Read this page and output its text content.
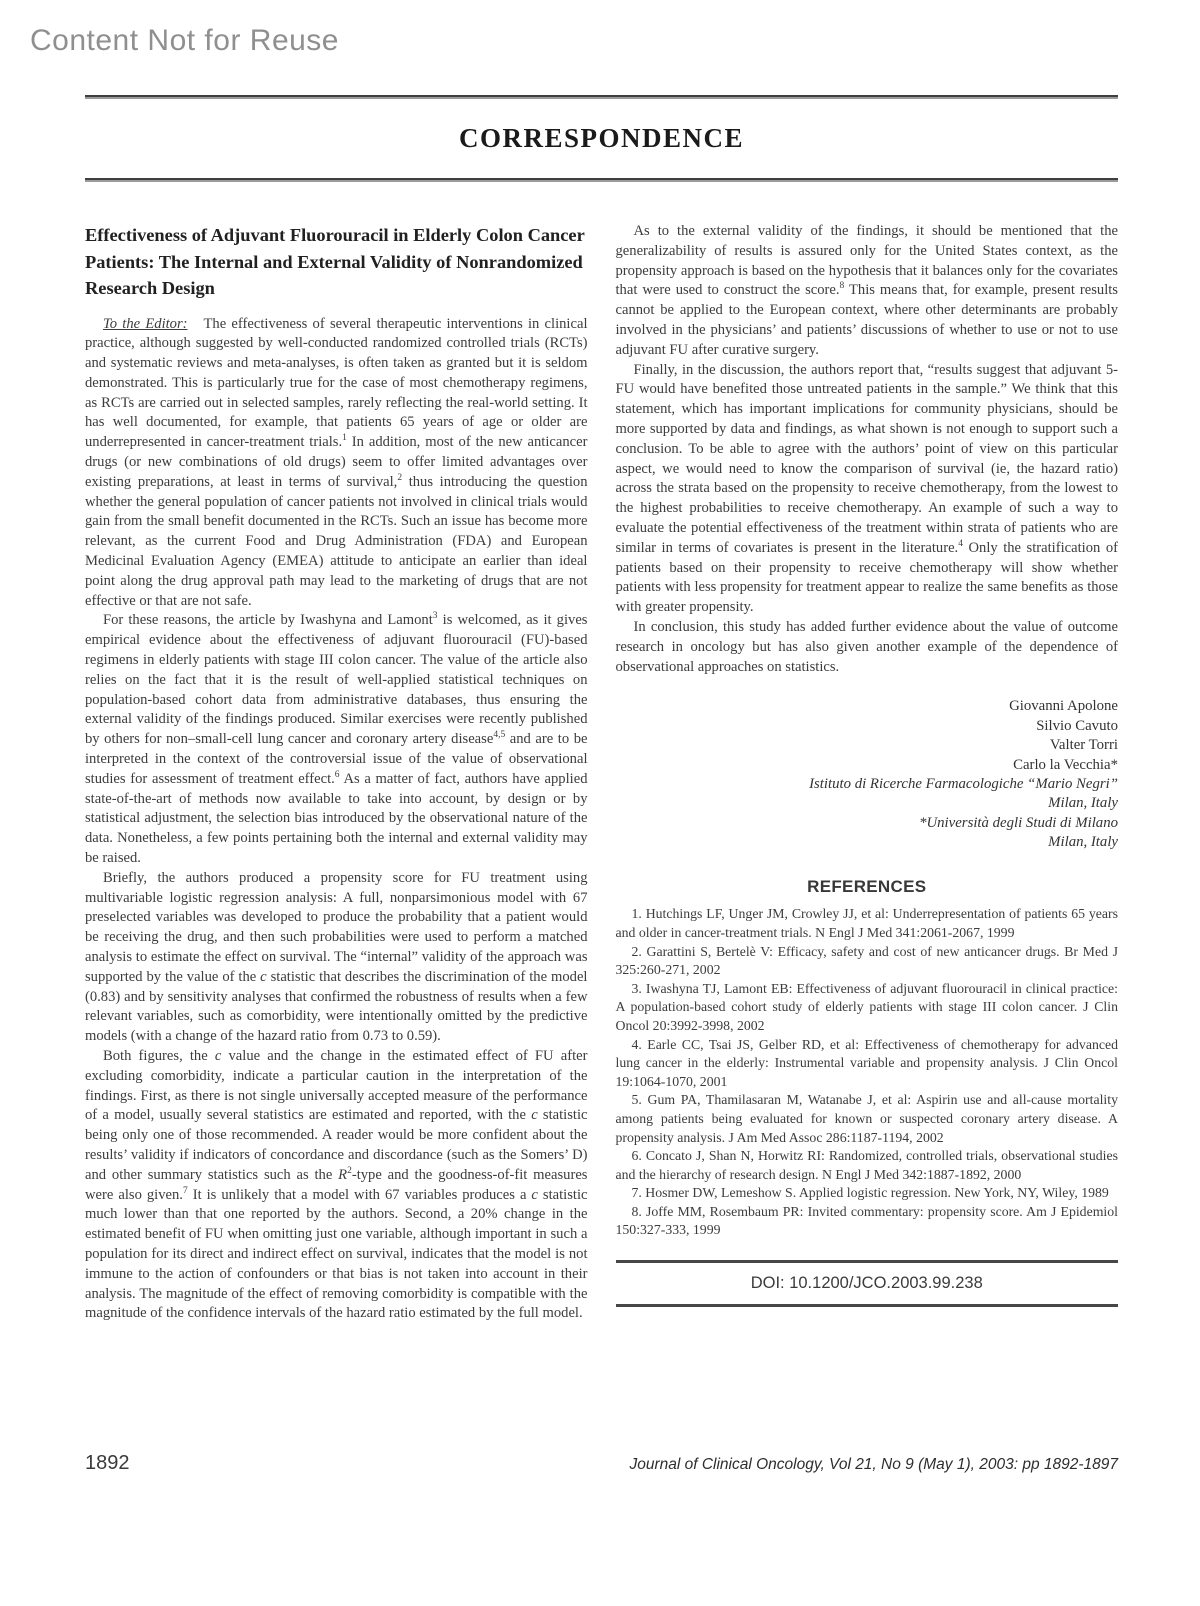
Content Not for Reuse
CORRESPONDENCE
Effectiveness of Adjuvant Fluorouracil in Elderly Colon Cancer Patients: The Internal and External Validity of Nonrandomized Research Design

To the Editor: The effectiveness of several therapeutic interventions in clinical practice, although suggested by well-conducted randomized controlled trials (RCTs) and systematic reviews and meta-analyses, is often taken as granted but it is seldom demonstrated. This is particularly true for the case of most chemotherapy regimens, as RCTs are carried out in selected samples, rarely reflecting the real-world setting. It has well documented, for example, that patients 65 years of age or older are underrepresented in cancer-treatment trials.$^1$ In addition, most of the new anticancer drugs (or new combinations of old drugs) seem to offer limited advantages over existing preparations, at least in terms of survival,$^2$ thus introducing the question whether the general population of cancer patients not involved in clinical trials would gain from the small benefit documented in the RCTs. Such an issue has become more relevant, as the current Food and Drug Administration (FDA) and European Medicinal Evaluation Agency (EMEA) attitude to anticipate an earlier than ideal point along the drug approval path may lead to the marketing of drugs that are not effective or that are not safe.

For these reasons, the article by Iwashyna and Lamont$^3$ is welcomed, as it gives empirical evidence about the effectiveness of adjuvant fluorouracil (FU)-based regimens in elderly patients with stage III colon cancer. The value of the article also relies on the fact that it is the result of well-applied statistical techniques on population-based cohort data from administrative databases, thus ensuring the external validity of the findings produced. Similar exercises were recently published by others for non–small-cell lung cancer and coronary artery disease$^{4,5}$ and are to be interpreted in the context of the controversial issue of the value of observational studies for assessment of treatment effect.$^6$ As a matter of fact, authors have applied state-of-the-art of methods now available to take into account, by design or by statistical adjustment, the selection bias introduced by the observational nature of the data. Nonetheless, a few points pertaining both the internal and external validity may be raised.

Briefly, the authors produced a propensity score for FU treatment using multivariable logistic regression analysis: A full, nonparsimonious model with 67 preselected variables was developed to produce the probability that a patient would be receiving the drug, and then such probabilities were used to perform a matched analysis to estimate the effect on survival. The “internal” validity of the approach was supported by the value of the c statistic that describes the discrimination of the model (0.83) and by sensitivity analyses that confirmed the robustness of results when a few relevant variables, such as comorbidity, were intentionally omitted by the predictive models (with a change of the hazard ratio from 0.73 to 0.59).

Both figures, the c value and the change in the estimated effect of FU after excluding comorbidity, indicate a particular caution in the interpretation of the findings. First, as there is not single universally accepted measure of the performance of a model, usually several statistics are estimated and reported, with the c statistic being only one of those recommended. A reader would be more confident about the results’ validity if indicators of concordance and discordance (such as the Somers’ D) and other summary statistics such as the $R^2$-type and the goodness-of-fit measures were also given.$^7$ It is unlikely that a model with 67 variables produces a c statistic much lower than that one reported by the authors. Second, a 20% change in the estimated benefit of FU when omitting just one variable, although important in such a population for its direct and indirect effect on survival, indicates that the model is not immune to the action of confounders or that bias is not taken into account in their analysis. The magnitude of the effect of removing comorbidity is compatible with the magnitude of the confidence intervals of the hazard ratio estimated by the full model.

As to the external validity of the findings, it should be mentioned that the generalizability of results is assured only for the United States context, as the propensity approach is based on the hypothesis that it balances only for the covariates that were used to construct the score.$^8$ This means that, for example, present results cannot be applied to the European context, where other determinants are probably involved in the physicians’ and patients’ discussions of whether to use or not to use adjuvant FU after curative surgery.

Finally, in the discussion, the authors report that, “results suggest that adjuvant 5-FU would have benefited those untreated patients in the sample.” We think that this statement, which has important implications for community physicians, should be more supported by data and findings, as what shown is not enough to support such a conclusion. To be able to agree with the authors’ point of view on this particular aspect, we would need to know the comparison of survival (ie, the hazard ratio) across the strata based on the propensity to receive chemotherapy, from the lowest to the highest probabilities to receive chemotherapy. An example of such a way to evaluate the potential effectiveness of the treatment within strata of patients who are similar in terms of covariates is present in the literature.$^4$ Only the stratification of patients based on their propensity to receive chemotherapy will show whether patients with less propensity for treatment appear to realize the same benefits as those with greater propensity.

In conclusion, this study has added further evidence about the value of outcome research in oncology but has also given another example of the dependence of observational approaches on statistics.

Giovanni Apolone
Silvio Cavuto
Valter Torri
Carlo la Vecchia*
Istituto di Ricerche Farmacologiche “Mario Negri”
Milan, Italy
*Università degli Studi di Milano
Milan, Italy
REFERENCES

1. Hutchings LF, Unger JM, Crowley JJ, et al: Underrepresentation of patients 65 years and older in cancer-treatment trials. N Engl J Med 341:2061-2067, 1999

2. Garattini S, Bertelè V: Efficacy, safety and cost of new anticancer drugs. Br Med J 325:260-271, 2002

3. Iwashyna TJ, Lamont EB: Effectiveness of adjuvant fluorouracil in clinical practice: A population-based cohort study of elderly patients with stage III colon cancer. J Clin Oncol 20:3992-3998, 2002

4. Earle CC, Tsai JS, Gelber RD, et al: Effectiveness of chemotherapy for advanced lung cancer in the elderly: Instrumental variable and propensity analysis. J Clin Oncol 19:1064-1070, 2001

5. Gum PA, Thamilasaran M, Watanabe J, et al: Aspirin use and all-cause mortality among patients being evaluated for known or suspected coronary artery disease. A propensity analysis. J Am Med Assoc 286:1187-1194, 2002

6. Concato J, Shan N, Horwitz RI: Randomized, controlled trials, observational studies and the hierarchy of research design. N Engl J Med 342:1887-1892, 2000

7. Hosmer DW, Lemeshow S. Applied logistic regression. New York, NY, Wiley, 1989

8. Joffe MM, Rosembaum PR: Invited commentary: propensity score. Am J Epidemiol 150:327-333, 1999

DOI: 10.1200/JCO.2003.99.238
1892	Journal of Clinical Oncology, Vol 21, No 9 (May 1), 2003: pp 1892-1897
